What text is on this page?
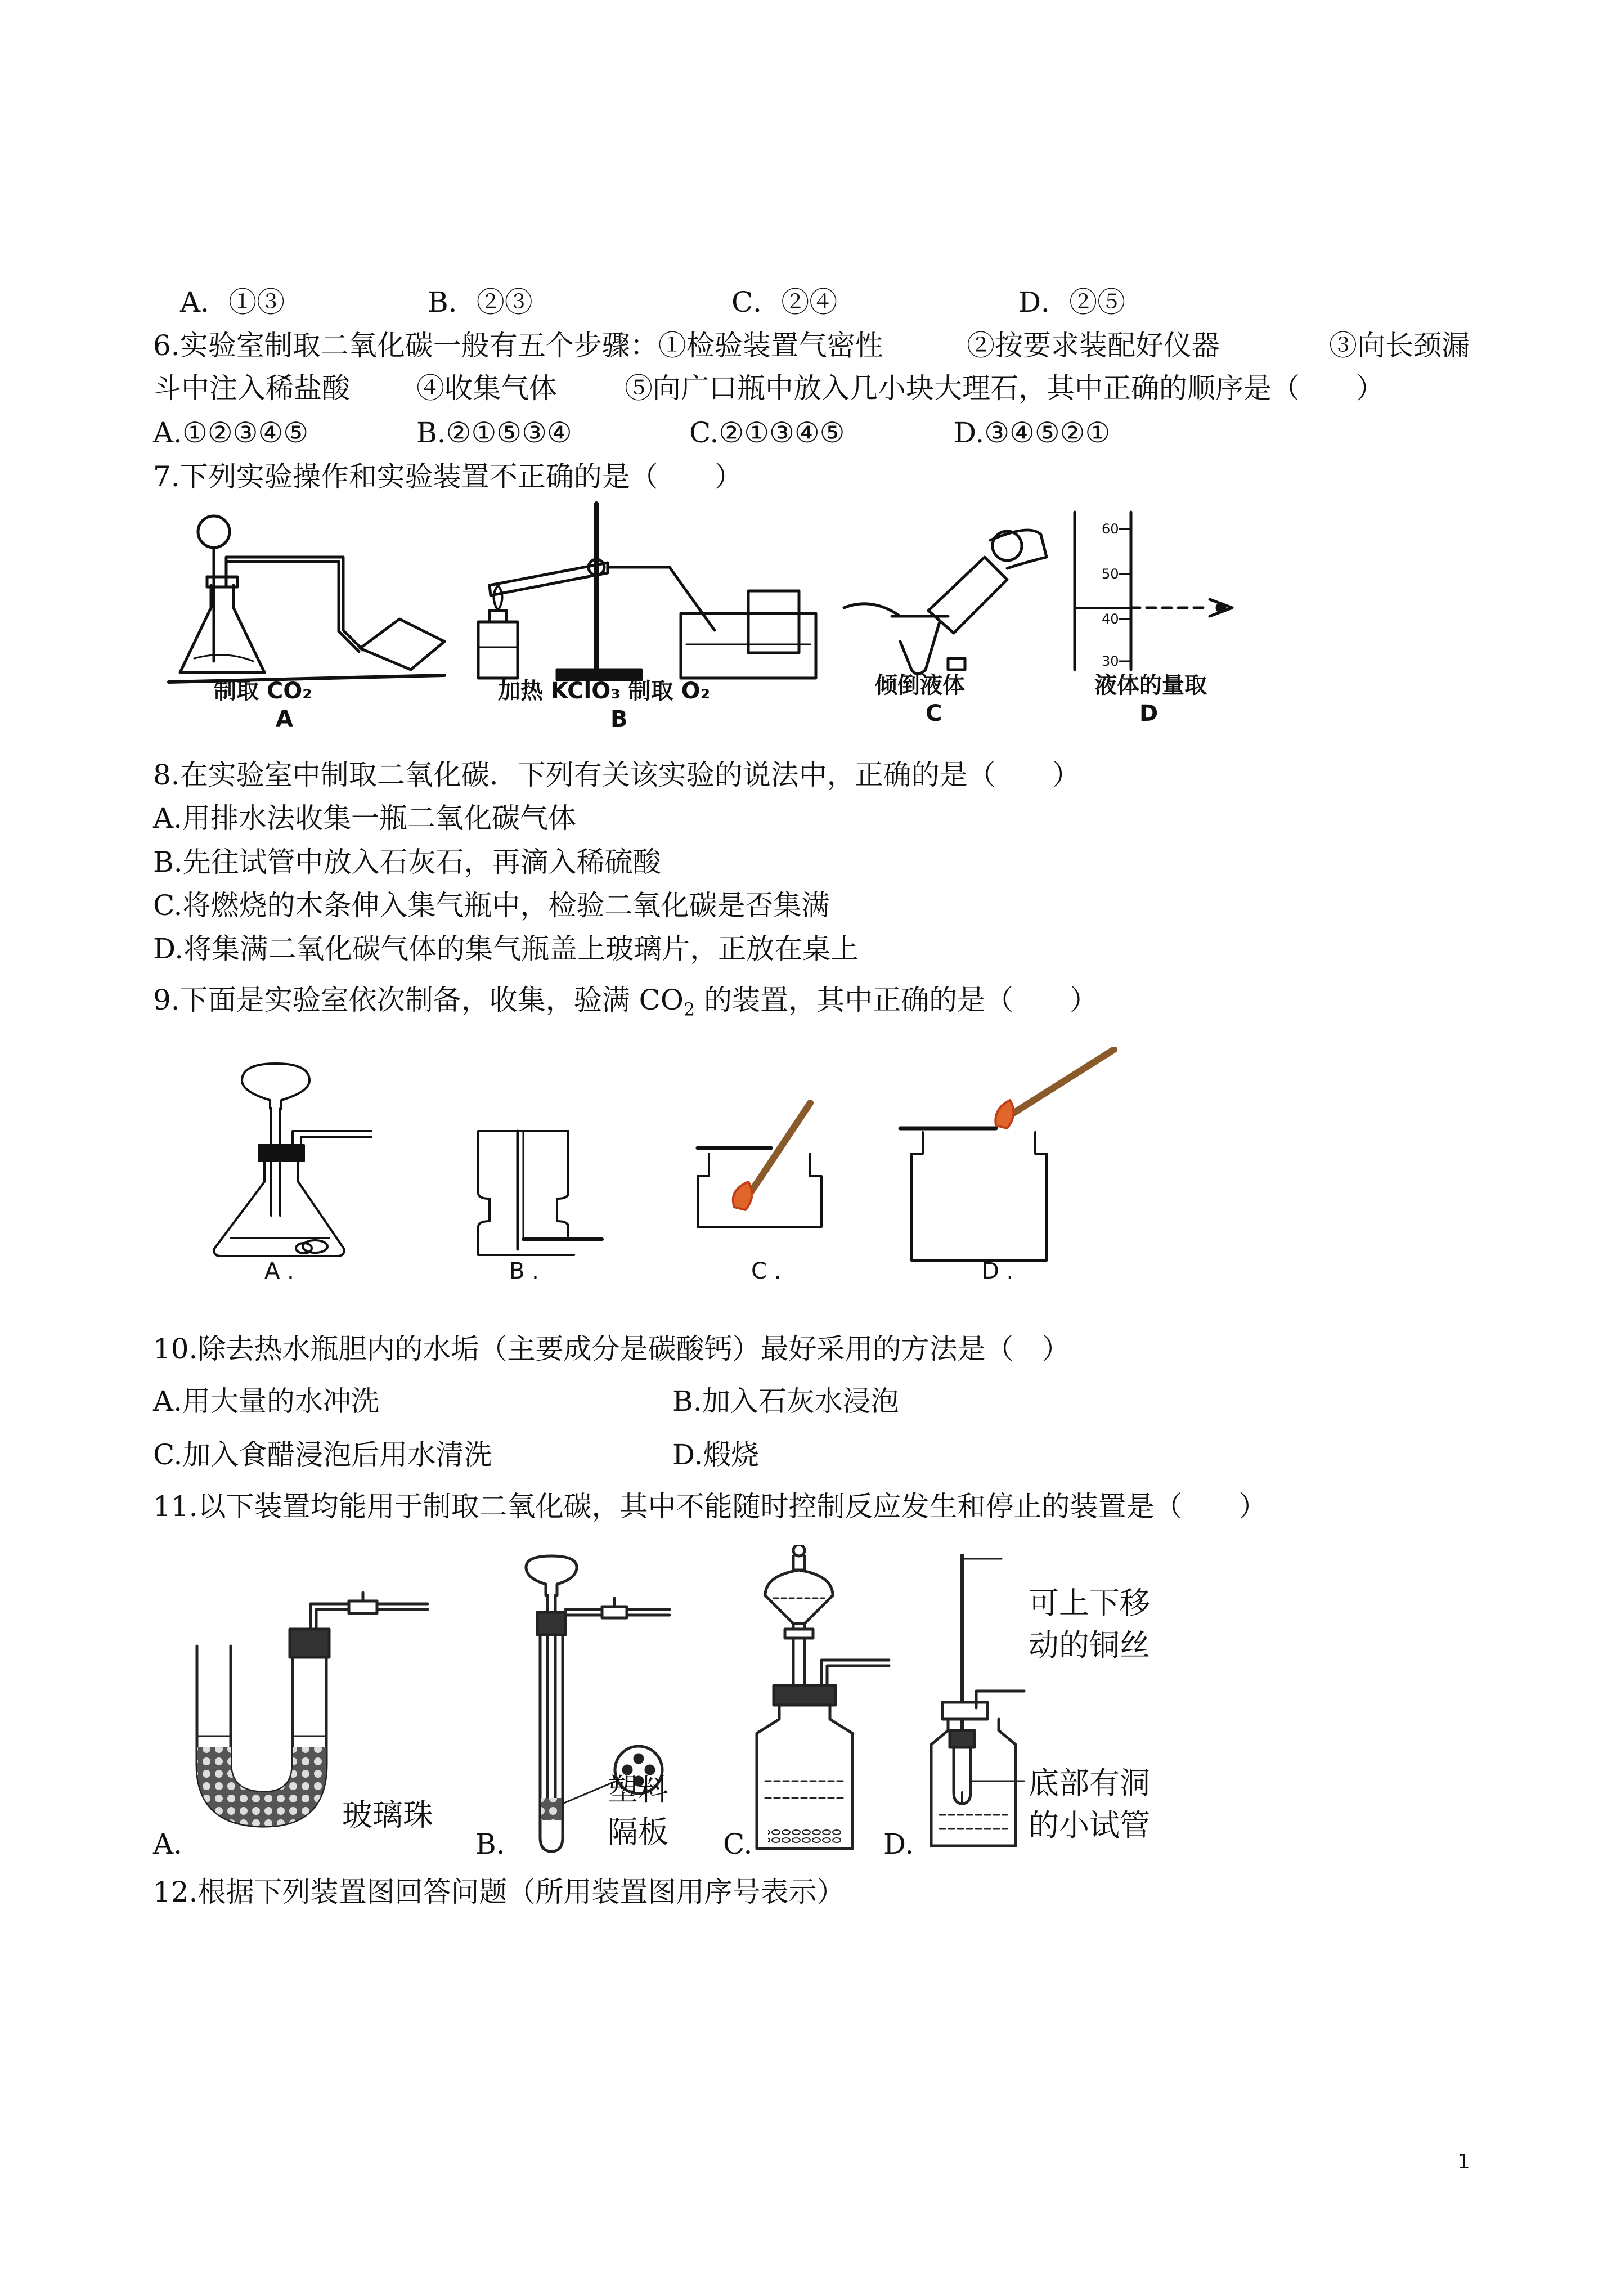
A．①③	B．②③	C．②④	D．②⑤
6.实验室制取二氧化碳一般有五个步骤：①检验装置气密性	②按要求装配好仪器	③向长颈漏
斗中注入稀盐酸 ④收集气体 ⑤向广口瓶中放入几小块大理石，其中正确的顺序是（　　）
A.①②③④⑤	B.②①⑤③④	C.②①③④⑤	D.③④⑤②①
7.下列实验操作和实验装置不正确的是（　　）
60
50
40
30
制取 CO₂
A
加热 KClO₃ 制取 O₂
B
倾倒液体
C
液体的量取
D
8.在实验室中制取二氧化碳．下列有关该实验的说法中，正确的是（　　）
A.用排水法收集一瓶二氧化碳气体
B.先往试管中放入石灰石，再滴入稀硫酸
C.将燃烧的木条伸入集气瓶中，检验二氧化碳是否集满
D.将集满二氧化碳气体的集气瓶盖上玻璃片，正放在桌上
9.下面是实验室依次制备，收集，验满 $CO_2$ 的装置，其中正确的是（　　）
A .	B .	C .	D .
10.除去热水瓶胆内的水垢（主要成分是碳酸钙）最好采用的方法是（　）
A.用大量的水冲洗	B.加入石灰水浸泡
C.加入食醋浸泡后用水清洗	D.煅烧
11.以下装置均能用于制取二氧化碳，其中不能随时控制反应发生和停止的装置是（　　）
玻璃珠
塑料
隔板
可上下移
动的铜丝
底部有洞
的小试管
A.	B.	C.	D.
12.根据下列装置图回答问题（所用装置图用序号表示）
1
